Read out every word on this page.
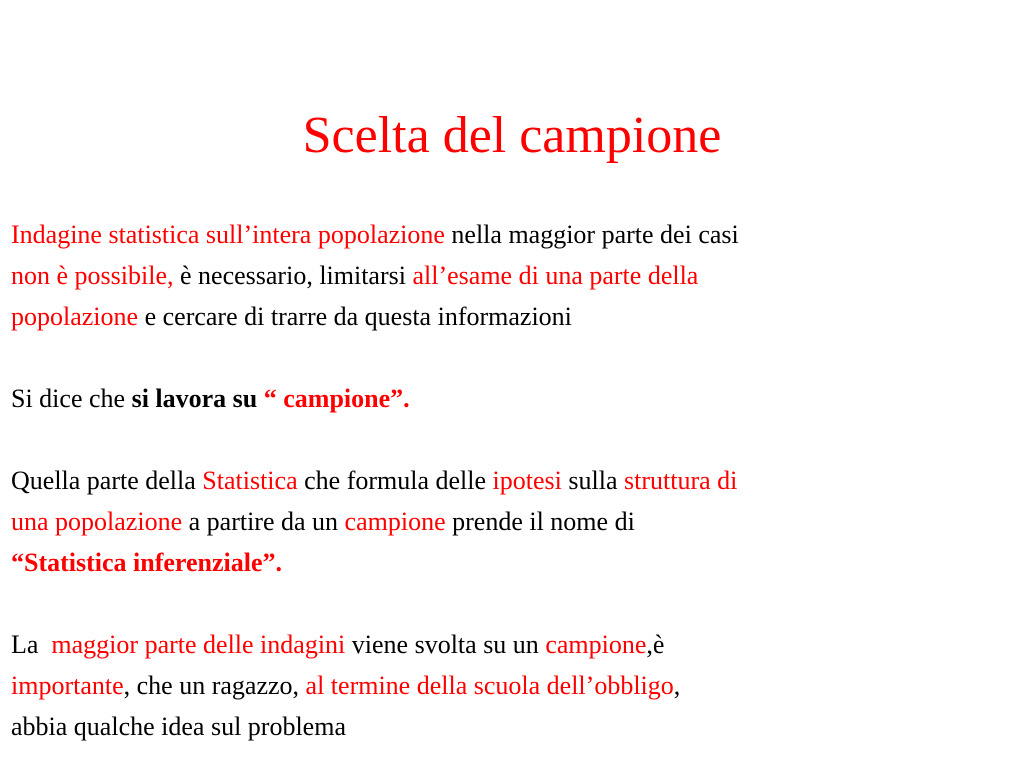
Scelta del campione
Indagine statistica sull’intera popolazione nella maggior parte dei casi
non è possibile, è necessario, limitarsi all’esame di una parte della
popolazione e cercare di trarre da questa informazioni
Si dice che si lavora su “ campione”.
Quella parte della Statistica che formula delle ipotesi sulla struttura di
una popolazione a partire da un campione prende il nome di
“Statistica inferenziale”.
La  maggior parte delle indagini viene svolta su un campione,è
importante, che un ragazzo, al termine della scuola dell’obbligo,
abbia qualche idea sul problema
